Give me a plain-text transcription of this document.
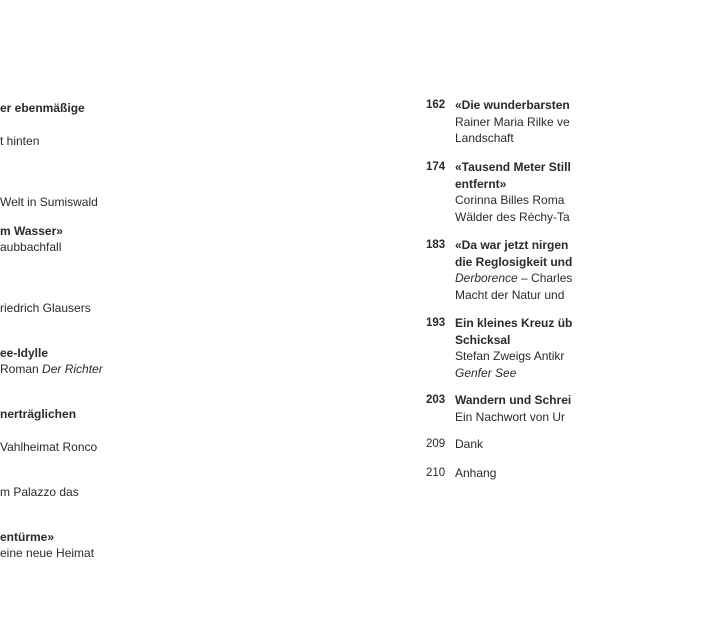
er ebenmäßige
t hinten
Welt in Sumiswald
m Wasser»
aubbachfall
riedrich Glausers
ee-Idylle
Roman Der Richter
nerträglichen
Vahlheimat Ronco
m Palazzo das
entürme»
eine neue Heimat
162 «Die wunderbarsten
Rainer Maria Rilke ve
Landschaft
174 «Tausend Meter Still
entfernt»
Corinna Billes Roma
Wälder des Réchy-Ta
183 «Da war jetzt nirgen
die Reglosigkeit und
Derborence – Charles
Macht der Natur und
193 Ein kleines Kreuz üb
Schicksal
Stefan Zweigs Antikr
Genfer See
203 Wandern und Schrei
Ein Nachwort von Ur
209 Dank
210 Anhang
